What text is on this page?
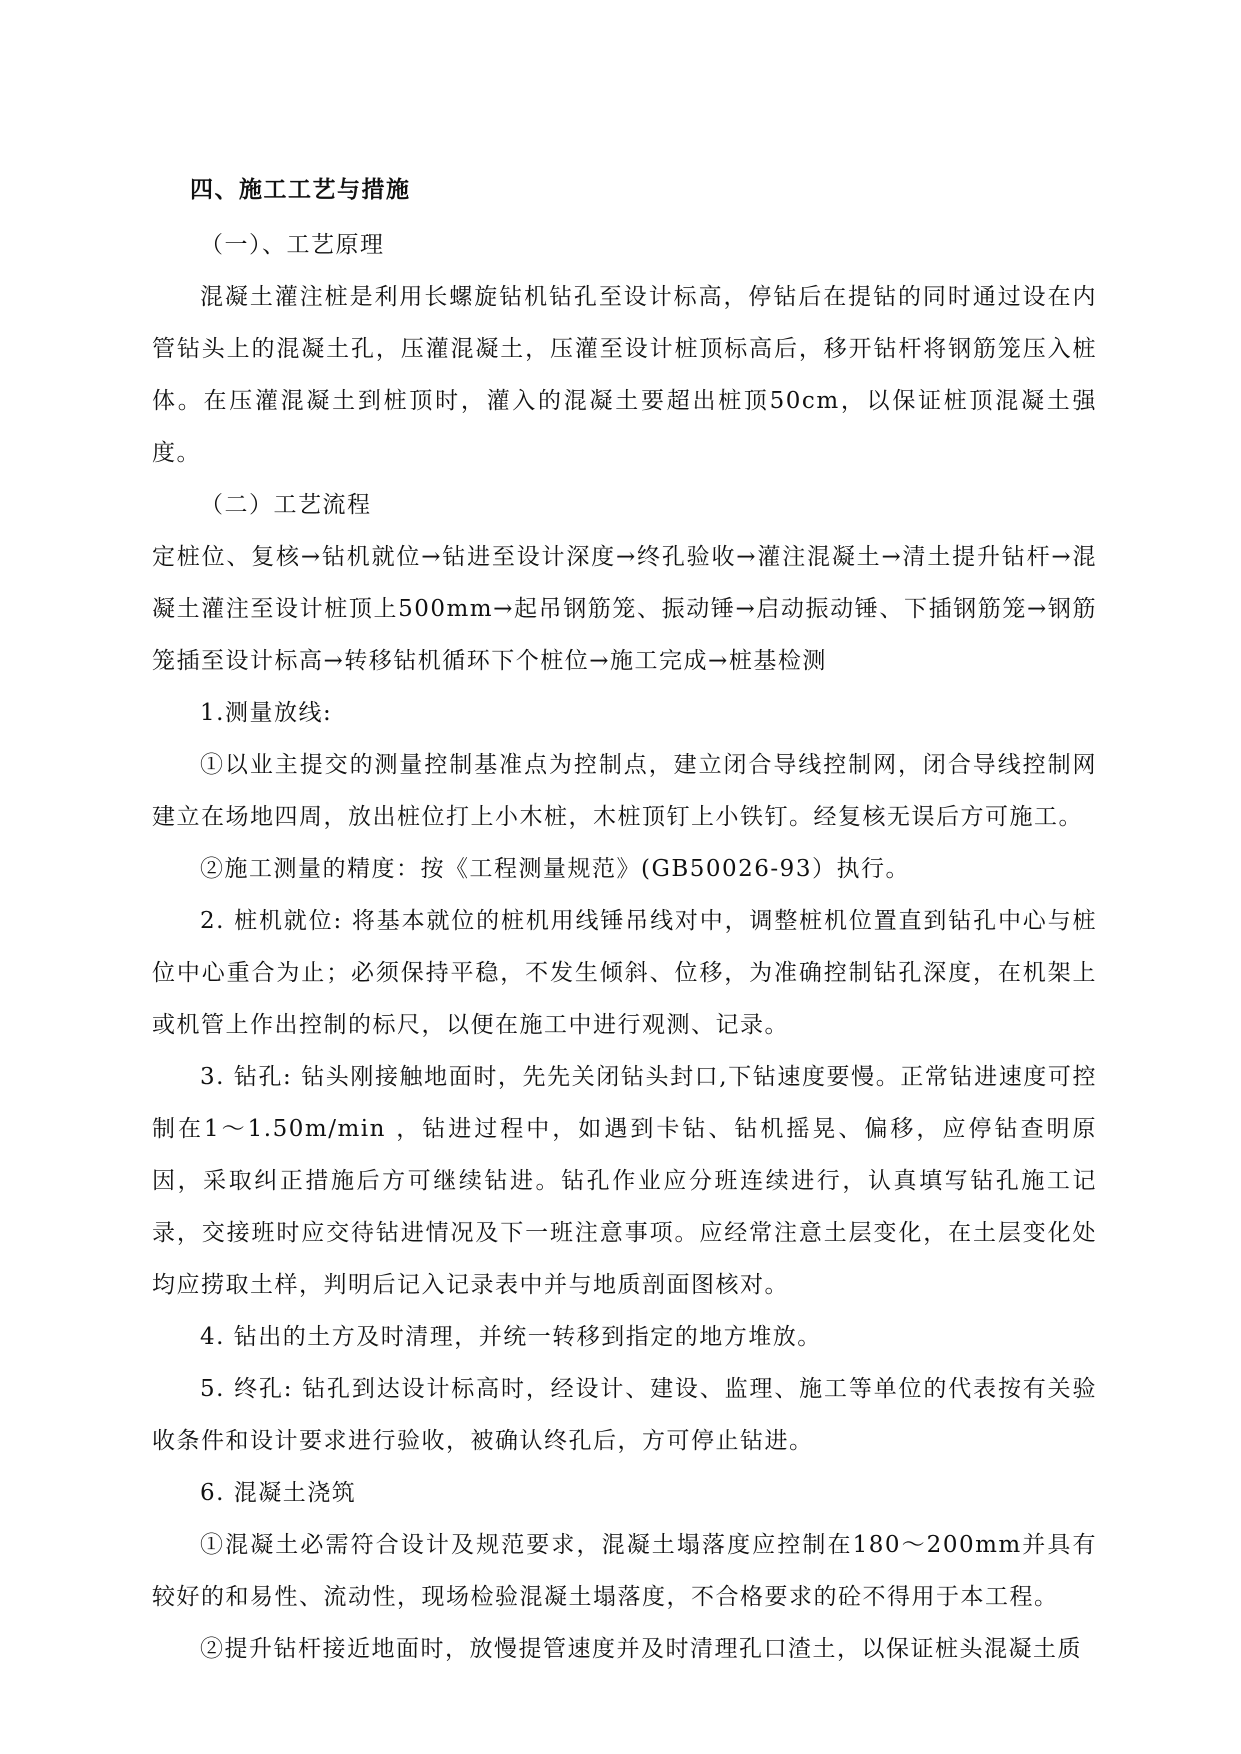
四、施工工艺与措施

（一）、工艺原理

混凝土灌注桩是利用长螺旋钻机钻孔至设计标高，停钻后在提钻的同时通过设在内管钻头上的混凝土孔，压灌混凝土，压灌至设计桩顶标高后，移开钻杆将钢筋笼压入桩体。在压灌混凝土到桩顶时，灌入的混凝土要超出桩顶50cm，以保证桩顶混凝土强度。

（二）工艺流程

定桩位、复核→钻机就位→钻进至设计深度→终孔验收→灌注混凝土→清土提升钻杆→混凝土灌注至设计桩顶上500mm→起吊钢筋笼、振动锤→启动振动锤、下插钢筋笼→钢筋笼插至设计标高→转移钻机循环下个桩位→施工完成→桩基检测

1.测量放线:

①以业主提交的测量控制基准点为控制点，建立闭合导线控制网，闭合导线控制网建立在场地四周，放出桩位打上小木桩，木桩顶钉上小铁钉。经复核无误后方可施工。

②施工测量的精度：按《工程测量规范》(GB50026-93）执行。

2. 桩机就位: 将基本就位的桩机用线锤吊线对中，调整桩机位置直到钻孔中心与桩位中心重合为止；必须保持平稳，不发生倾斜、位移，为准确控制钻孔深度，在机架上或机管上作出控制的标尺，以便在施工中进行观测、记录。

3. 钻孔: 钻头刚接触地面时，先先关闭钻头封口,下钻速度要慢。正常钻进速度可控制在1～1.50m/min ，钻进过程中，如遇到卡钻、钻机摇晃、偏移，应停钻查明原因，采取纠正措施后方可继续钻进。钻孔作业应分班连续进行，认真填写钻孔施工记录，交接班时应交待钻进情况及下一班注意事项。应经常注意土层变化，在土层变化处均应捞取土样，判明后记入记录表中并与地质剖面图核对。

4. 钻出的土方及时清理，并统一转移到指定的地方堆放。

5. 终孔: 钻孔到达设计标高时，经设计、建设、监理、施工等单位的代表按有关验收条件和设计要求进行验收，被确认终孔后，方可停止钻进。

6. 混凝土浇筑

①混凝土必需符合设计及规范要求，混凝土塌落度应控制在180～200mm并具有较好的和易性、流动性，现场检验混凝土塌落度，不合格要求的砼不得用于本工程。

②提升钻杆接近地面时，放慢提管速度并及时清理孔口渣土，以保证桩头混凝土质
